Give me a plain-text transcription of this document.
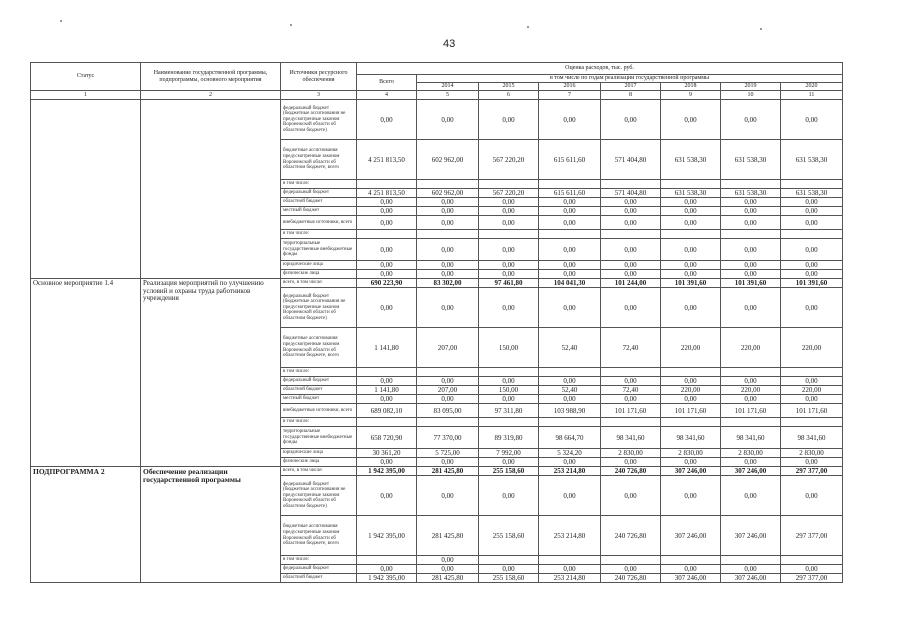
43
Статус	Наименование государственной программы, подпрограммы, основного мероприятия	Источники ресурсного обеспечения	Оценка расходов, тыс. руб.							
			Всего	в том числе по годам реализации государственной программы						
				2014	2015	2016	2017	2018	2019	2020
1	2	3	4	5	6	7	8	9	10	11
		федеральный бюджет (бюджетные ассигнования не предусмотренные законом Воронежской области об областном бюджете)	0,00	0,00	0,00	0,00	0,00	0,00	0,00	0,00
		бюджетные ассигнования предусмотренные законом Воронежской области об областном бюджете, всего	4 251 813,50	602 962,00	567 220,20	615 611,60	571 404,80	631 538,30	631 538,30	631 538,30
		в том числе:								
		федеральный бюджет	4 251 813,50	602 962,00	567 220,20	615 611,60	571 404,80	631 538,30	631 538,30	631 538,30
		областной бюджет	0,00	0,00	0,00	0,00	0,00	0,00	0,00	0,00
		местный бюджет	0,00	0,00	0,00	0,00	0,00	0,00	0,00	0,00
		внебюджетные источники, всего	0,00	0,00	0,00	0,00	0,00	0,00	0,00	0,00
		в том числе:								
		территориальные государственные внебюджетные фонды	0,00	0,00	0,00	0,00	0,00	0,00	0,00	0,00
		юридические лица	0,00	0,00	0,00	0,00	0,00	0,00	0,00	0,00
		физические лица	0,00	0,00	0,00	0,00	0,00	0,00	0,00	0,00
Основное мероприятие 1.4	Реализация мероприятий по улучшению условий и охраны труда работников учреждения	всего, в том числе:	690 223,90	83 302,00	97 461,80	104 041,30	101 244,00	101 391,60	101 391,60	101 391,60
		федеральный бюджет (бюджетные ассигнования не предусмотренные законом Воронежской области об областном бюджете)	0,00	0,00	0,00	0,00	0,00	0,00	0,00	0,00
		бюджетные ассигнования предусмотренные законом Воронежской области об областном бюджете, всего	1 141,80	207,00	150,00	52,40	72,40	220,00	220,00	220,00
		в том числе:								
		федеральный бюджет	0,00	0,00	0,00	0,00	0,00	0,00	0,00	0,00
		областной бюджет	1 141,80	207,00	150,00	52,40	72,40	220,00	220,00	220,00
		местный бюджет	0,00	0,00	0,00	0,00	0,00	0,00	0,00	0,00
		внебюджетные источники, всего	689 082,10	83 095,00	97 311,80	103 988,90	101 171,60	101 171,60	101 171,60	101 171,60
		в том числе:								
		территориальные государственные внебюджетные фонды	658 720,90	77 370,00	89 319,80	98 664,70	98 341,60	98 341,60	98 341,60	98 341,60
		юридические лица	30 361,20	5 725,00	7 992,00	5 324,20	2 830,00	2 830,00	2 830,00	2 830,00
		физические лица	0,00	0,00	0,00	0,00	0,00	0,00	0,00	0,00
ПОДПРОГРАММА 2	Обеспечение реализации государственной программы	всего, в том числе:	1 942 395,00	281 425,80	255 158,60	253 214,80	240 726,80	307 246,00	307 246,00	297 377,00
		федеральный бюджет (бюджетные ассигнования не предусмотренные законом Воронежской области об областном бюджете)	0,00	0,00	0,00	0,00	0,00	0,00	0,00	0,00
		бюджетные ассигнования предусмотренные законом Воронежской области об областном бюджете, всего	1 942 395,00	281 425,80	255 158,60	253 214,80	240 726,80	307 246,00	307 246,00	297 377,00
		в том числе:		0,00						
		федеральный бюджет	0,00	0,00	0,00	0,00	0,00	0,00	0,00	0,00
		областной бюджет	1 942 395,00	281 425,80	255 158,60	253 214,80	240 726,80	307 246,00	307 246,00	297 377,00
